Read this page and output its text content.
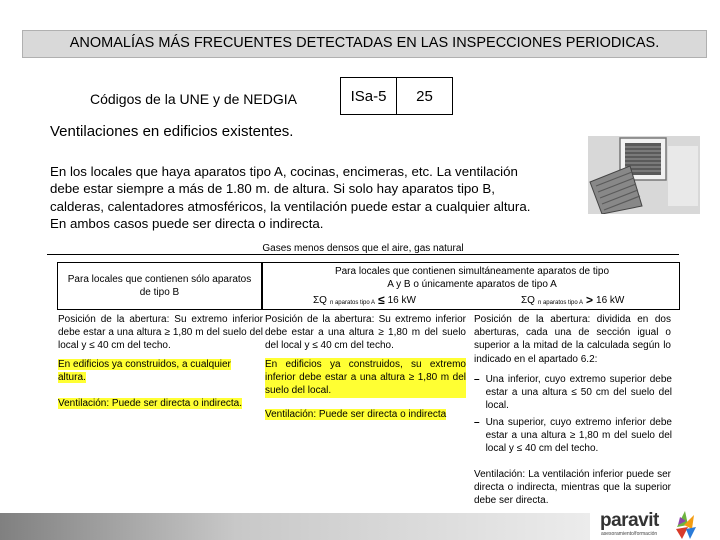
ANOMALÍAS MÁS FRECUENTES DETECTADAS EN LAS INSPECCIONES PERIODICAS.
Códigos de la UNE y de NEDGIA	ISa-5 25
Ventilaciones en edificios existentes.
En los locales que haya aparatos tipo A, cocinas, encimeras, etc. La ventilación
debe estar siempre a más de 1.80 m. de altura. Si solo hay aparatos tipo B,
calderas, calentadores atmosféricos, la ventilación puede estar a cualquier altura.
En ambos casos puede ser directa o indirecta.
Gases menos densos que el aire, gas natural
Para locales que contienen sólo aparatos de tipo B
Posición de la abertura: Su extremo inferior debe estar a una altura ≥ 1,80 m del suelo del local y ≤ 40 cm del techo.
En edificios ya construidos, a cualquier altura.
Ventilación: Puede ser directa o indirecta.
Para locales que contienen simultáneamente aparatos de tipo A y B o únicamente aparatos de tipo A
ΣQ n aparatos tipo A ≤ 16 kW	ΣQ n aparatos tipo A > 16 kW
Posición de la abertura: Su extremo inferior debe estar a una altura ≥ 1,80 m del suelo del local y ≤ 40 cm del techo.
En edificios ya construidos, su extremo inferior debe estar a una altura ≥ 1,80 m del suelo del local.
Ventilación: Puede ser directa o indirecta
Posición de la abertura: dividida en dos aberturas, cada una de sección igual o superior a la mitad de la calculada según lo indicado en el apartado 6.2:
– Una inferior, cuyo extremo superior debe estar a una altura ≤ 50 cm del suelo del local.
– Una superior, cuyo extremo inferior debe estar a una altura ≥ 1,80 m del suelo del local y ≤ 40 cm del techo.
Ventilación: La ventilación inferior puede ser directa o indirecta, mientras que la superior debe ser directa.
paravit
asesoramiento/formación
